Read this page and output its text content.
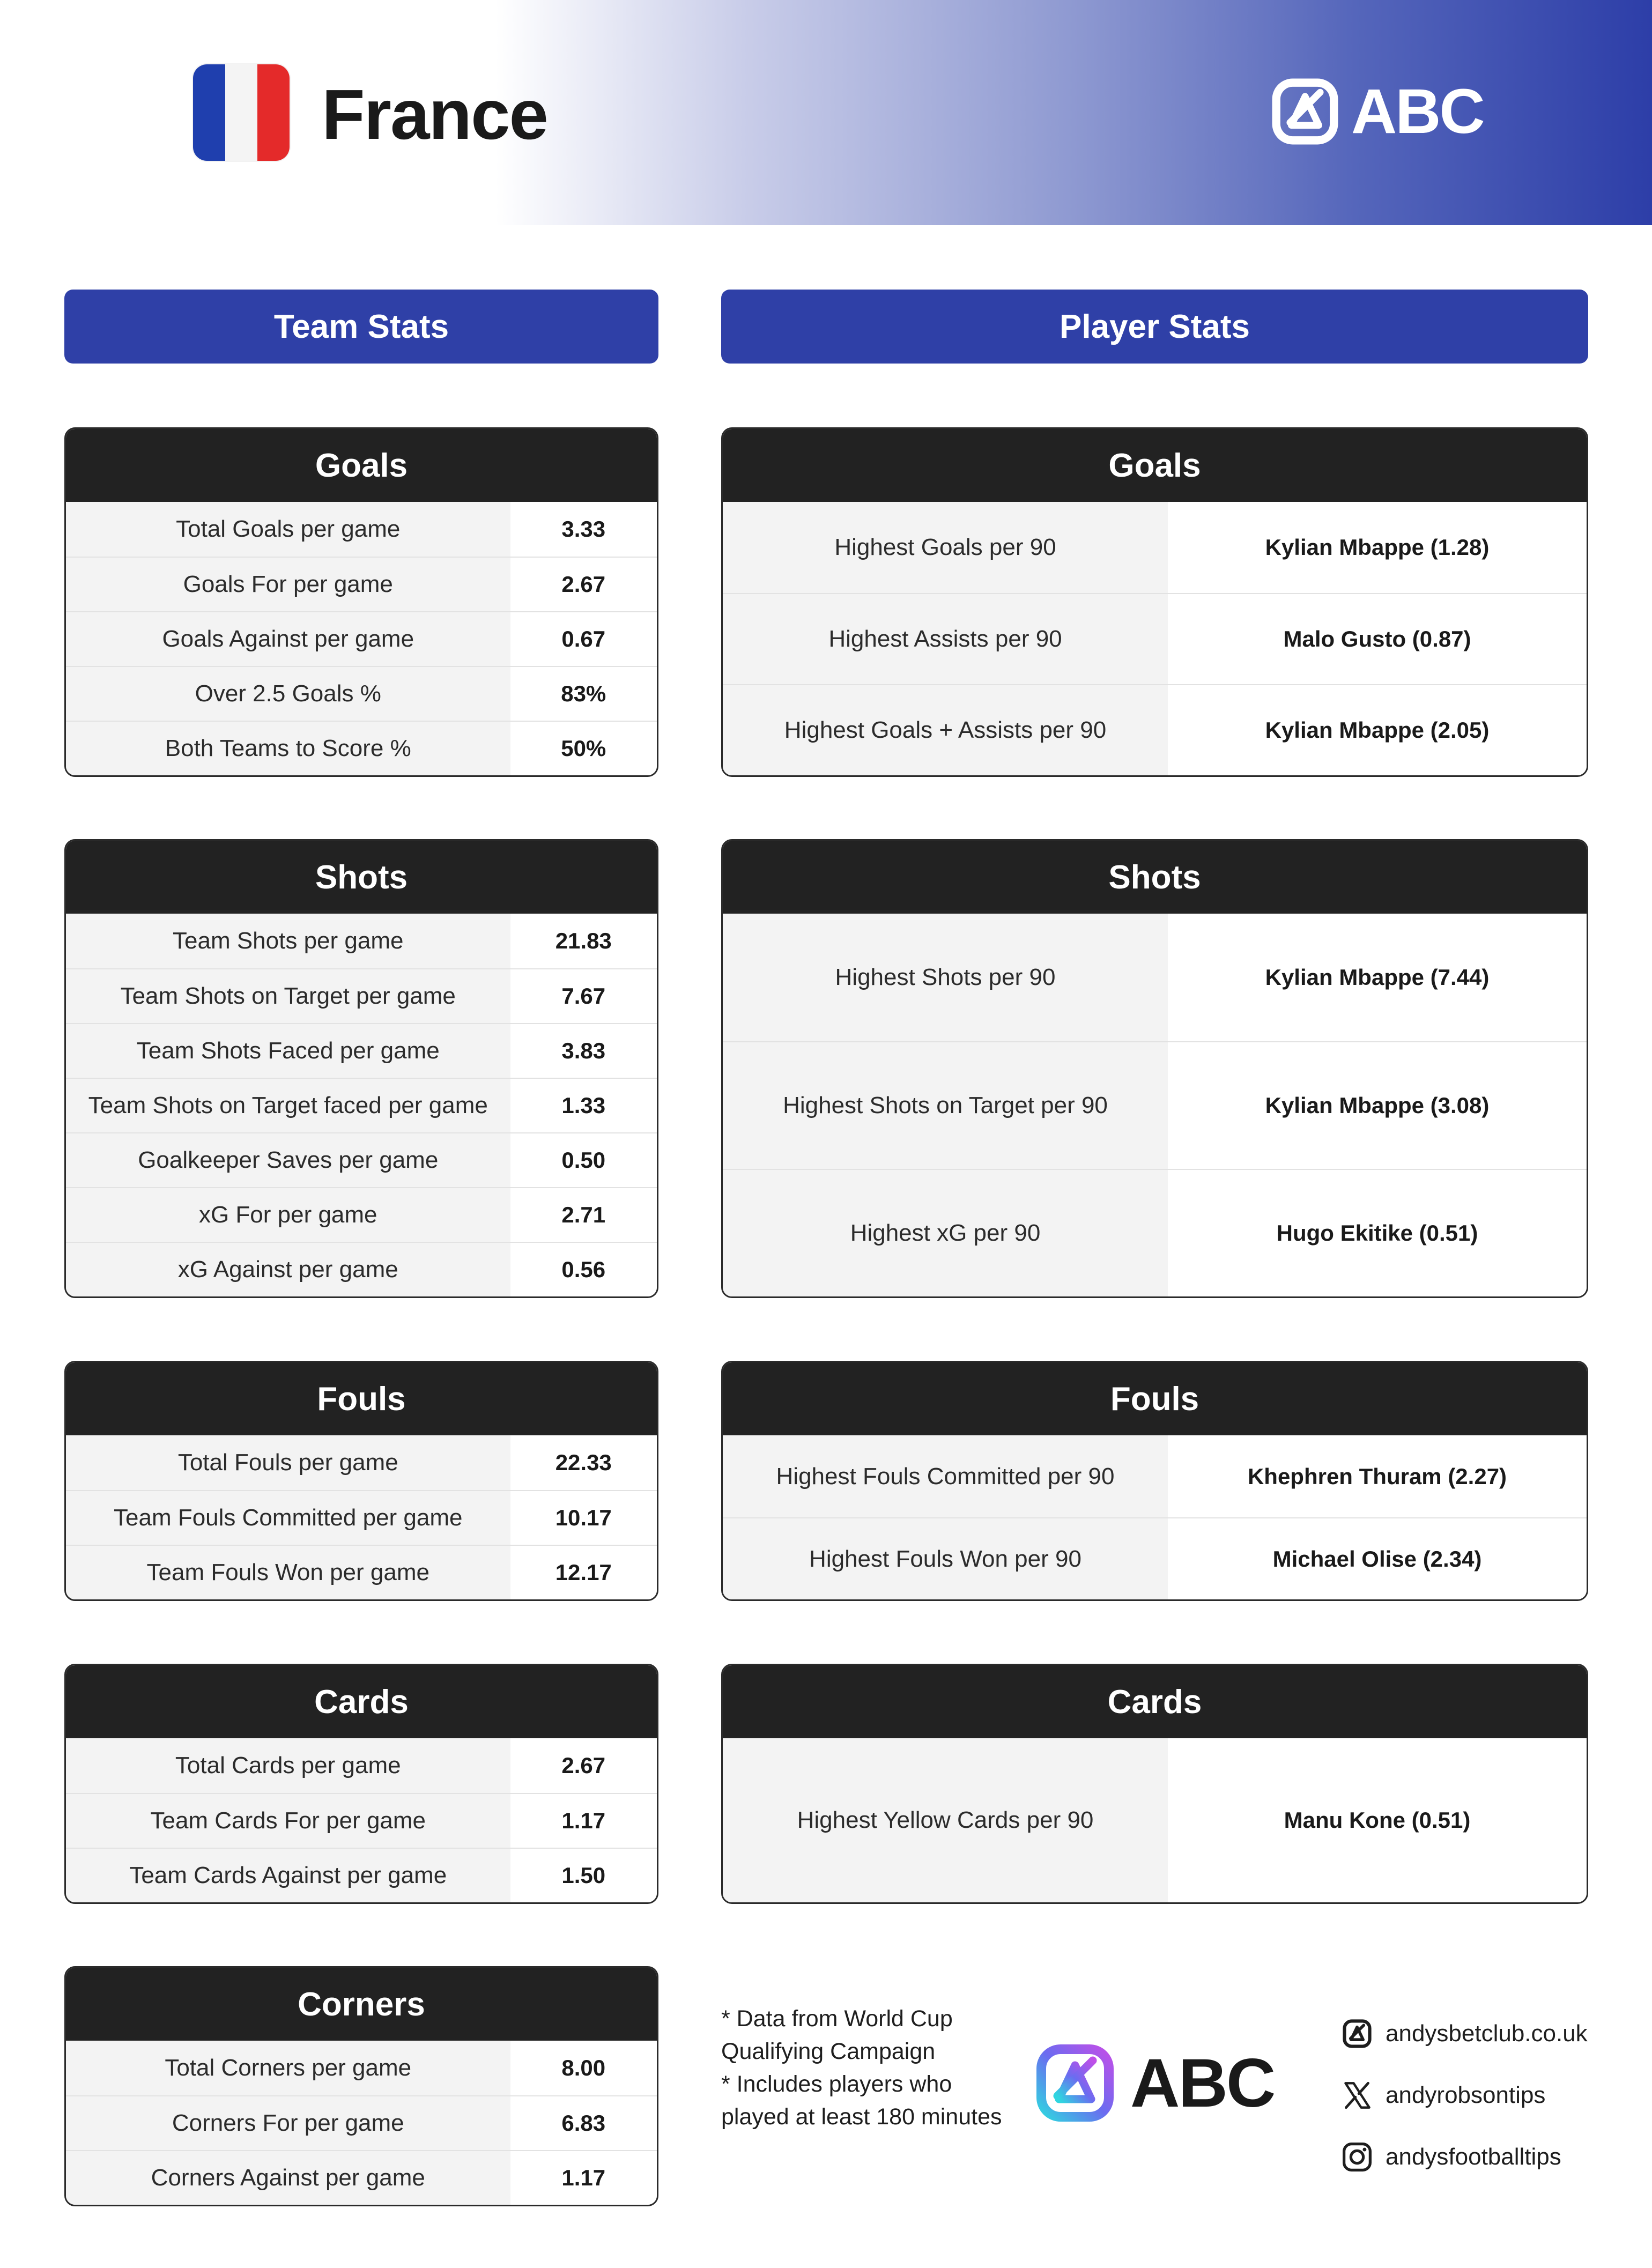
France	ABC
Team Stats	Player Stats
Goals
Total Goals per game	3.33
Goals For per game	2.67
Goals Against per game	0.67
Over 2.5 Goals %	83%
Both Teams to Score %	50%
Shots
Team Shots per game	21.83
Team Shots on Target per game	7.67
Team Shots Faced per game	3.83
Team Shots on Target faced per game	1.33
Goalkeeper Saves per game	0.50
xG For per game	2.71
xG Against per game	0.56
Fouls
Total Fouls per game	22.33
Team Fouls Committed per game	10.17
Team Fouls Won per game	12.17
Cards
Total Cards per game	2.67
Team Cards For per game	1.17
Team Cards Against per game	1.50
Corners
Total Corners per game	8.00
Corners For per game	6.83
Corners Against per game	1.17
Goals
Highest Goals per 90	Kylian Mbappe (1.28)
Highest Assists per 90	Malo Gusto (0.87)
Highest Goals + Assists per 90	Kylian Mbappe (2.05)
Shots
Highest Shots per 90	Kylian Mbappe (7.44)
Highest Shots on Target per 90	Kylian Mbappe (3.08)
Highest xG per 90	Hugo Ekitike (0.51)
Fouls
Highest Fouls Committed per 90	Khephren Thuram (2.27)
Highest Fouls Won per 90	Michael Olise (2.34)
Cards
Highest Yellow Cards per 90	Manu Kone (0.51)
* Data from World Cup Qualifying Campaign
* Includes players who played at least 180 minutes ABC
andysbetclub.co.uk
andyrobsontips
andysfootballtips
